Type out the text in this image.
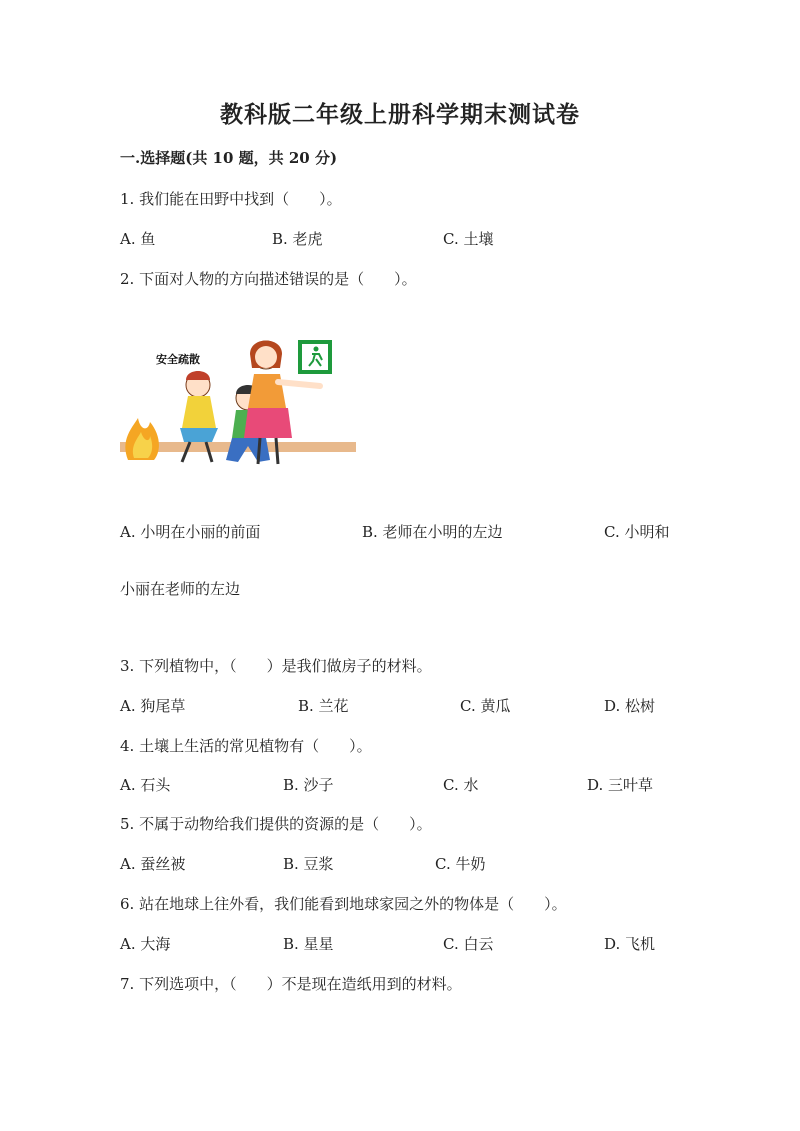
教科版二年级上册科学期末测试卷
一.选择题(共 10 题，共 20 分)
1. 我们能在田野中找到（　　）。
A. 鱼	B. 老虎	C. 土壤
2. 下面对人物的方向描述错误的是（　　）。
安全疏散
A. 小明在小丽的前面	B. 老师在小明的左边	C. 小明和
小丽在老师的左边
3. 下列植物中，（　　）是我们做房子的材料。
A. 狗尾草	B. 兰花	C. 黄瓜	D. 松树
4. 土壤上生活的常见植物有（　　）。
A. 石头	B. 沙子	C. 水	D. 三叶草
5. 不属于动物给我们提供的资源的是（　　）。
A. 蚕丝被	B. 豆浆	C. 牛奶
6. 站在地球上往外看，我们能看到地球家园之外的物体是（　　）。
A. 大海	B. 星星	C. 白云	D. 飞机
7. 下列选项中，（　　）不是现在造纸用到的材料。
